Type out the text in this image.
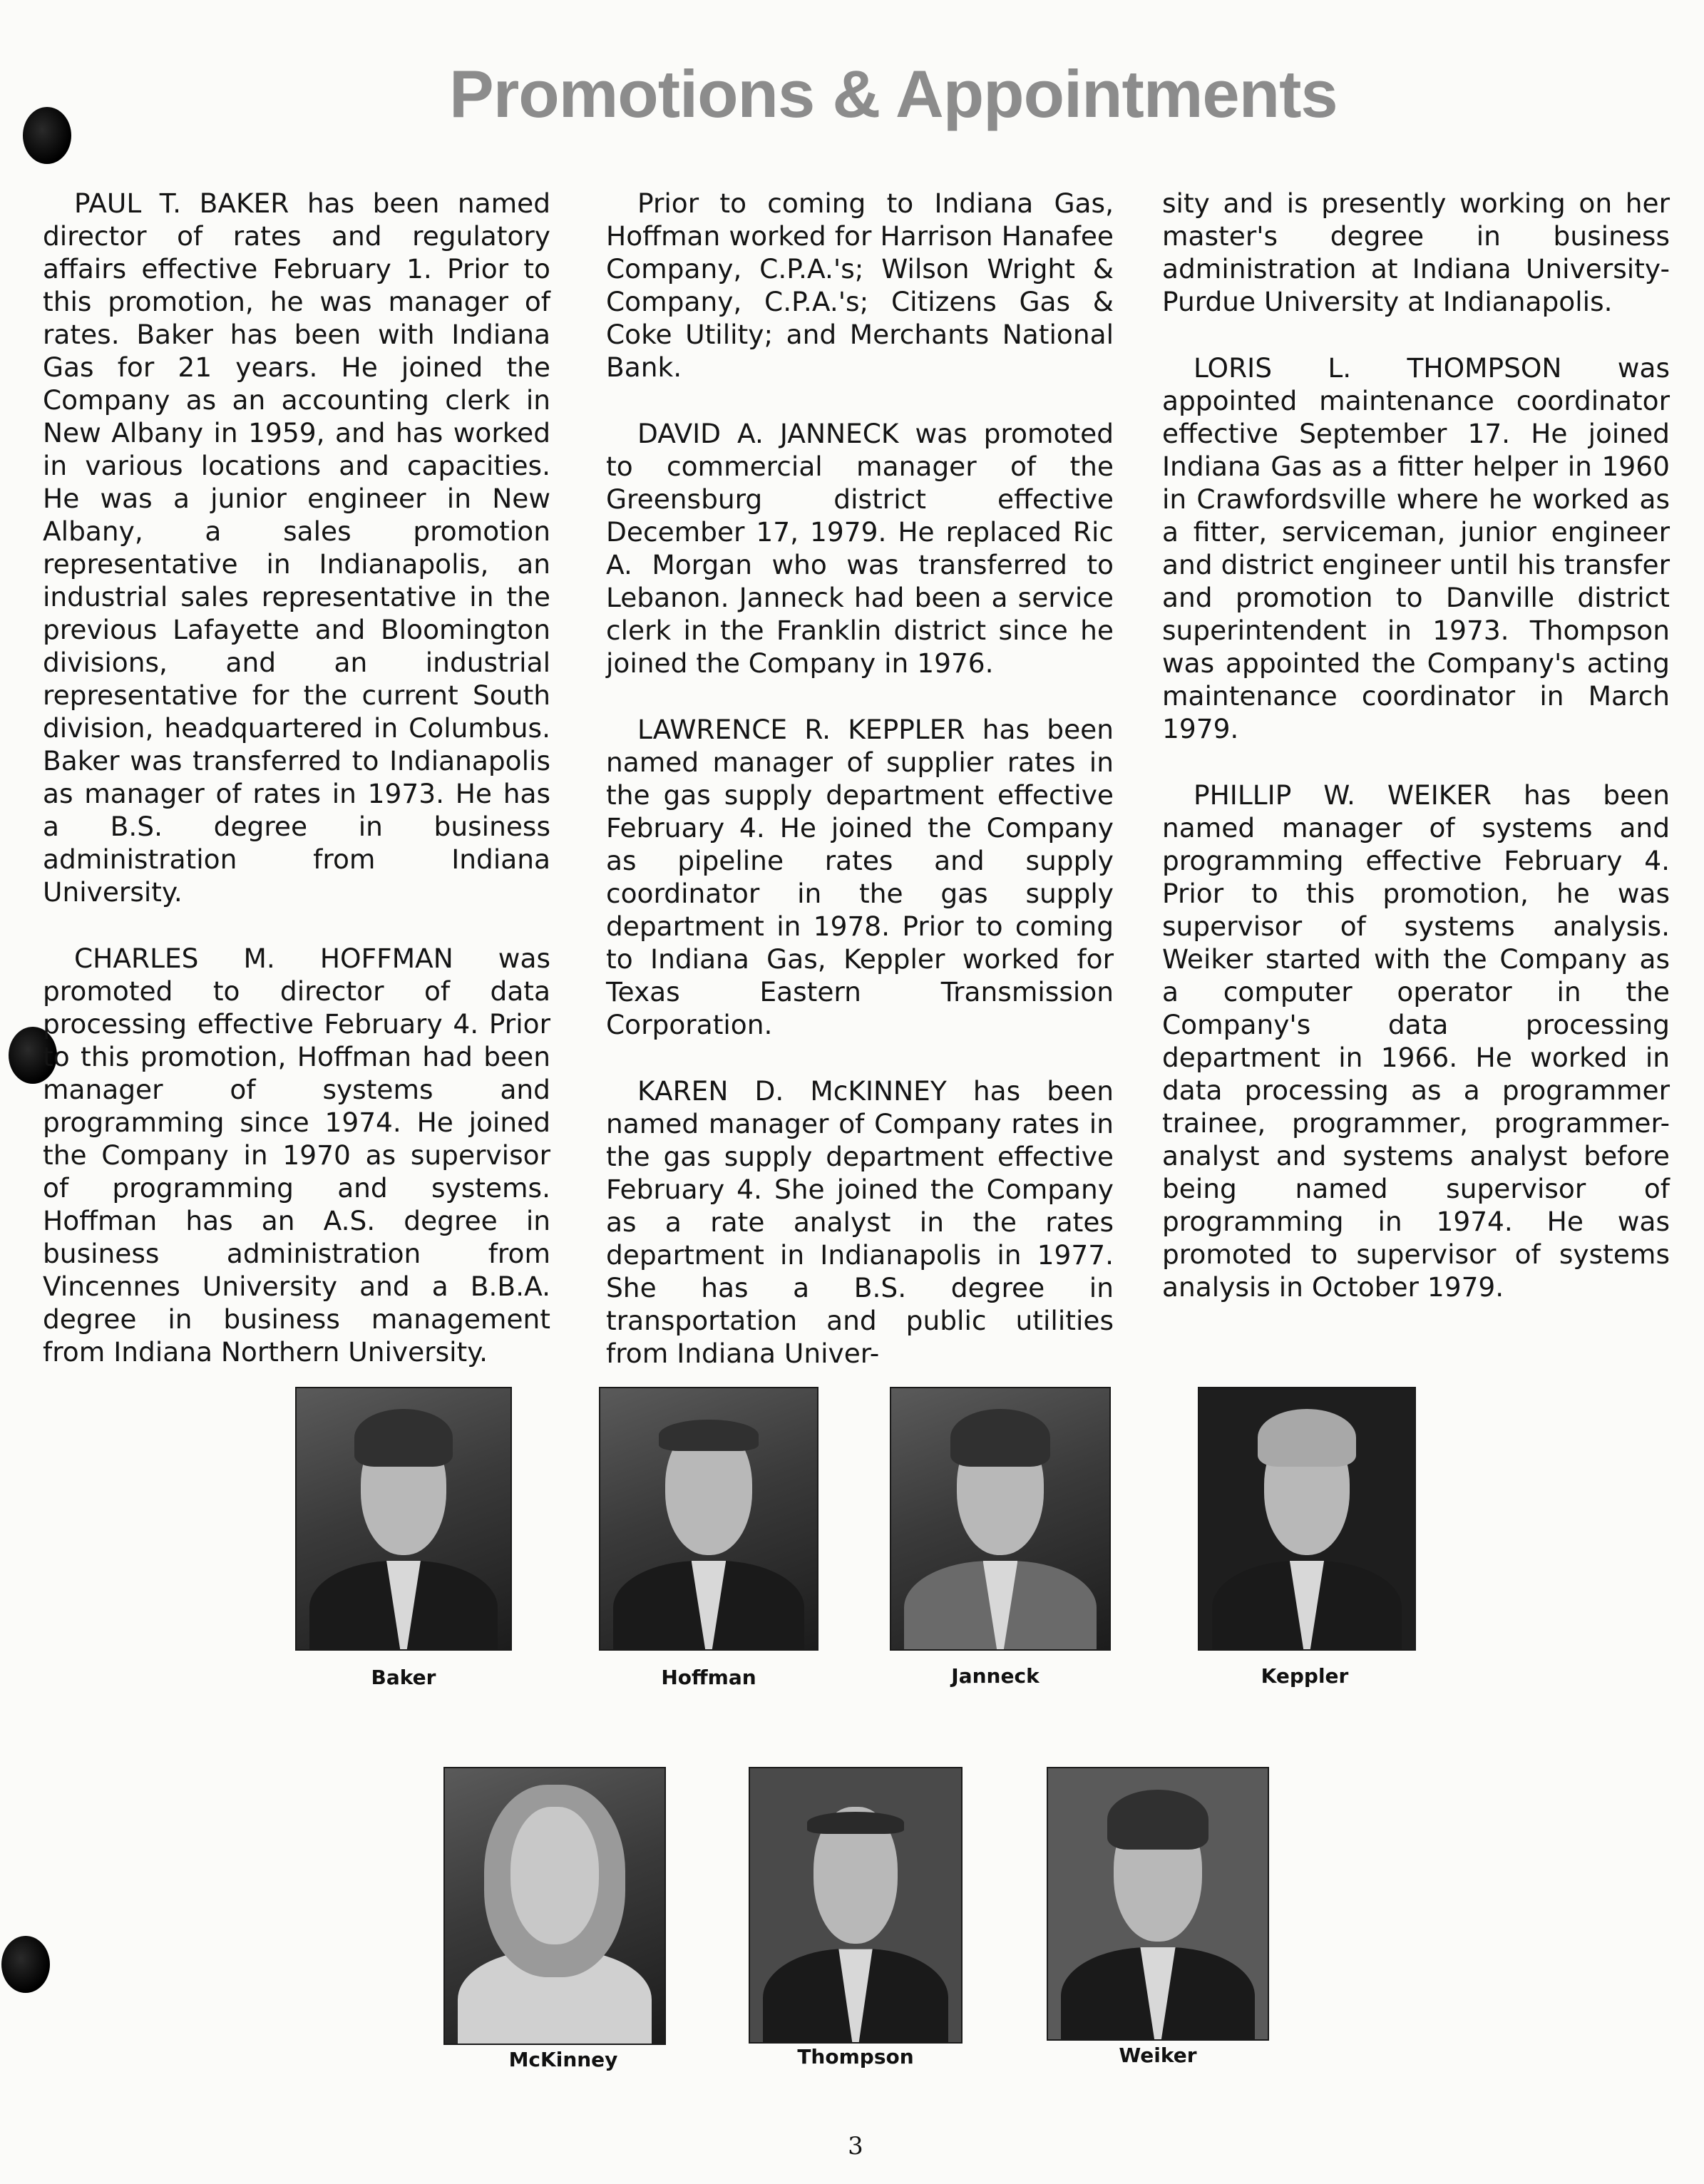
Promotions & Appointments

PAUL T. BAKER has been named director of rates and regulatory affairs effective February 1. Prior to this promotion, he was manager of rates. Baker has been with Indiana Gas for 21 years. He joined the Company as an accounting clerk in New Albany in 1959, and has worked in various locations and capacities. He was a junior engineer in New Albany, a sales promotion representative in Indianapolis, an industrial sales representative in the previous Lafayette and Bloomington divisions, and an industrial representative for the current South division, headquartered in Columbus. Baker was transferred to Indianapolis as manager of rates in 1973. He has a B.S. degree in business administration from Indiana University.

CHARLES M. HOFFMAN was promoted to director of data processing effective February 4. Prior to this promotion, Hoffman had been manager of systems and programming since 1974. He joined the Company in 1970 as supervisor of programming and systems. Hoffman has an A.S. degree in business administration from Vincennes University and a B.B.A. degree in business management from Indiana Northern University.

Prior to coming to Indiana Gas, Hoffman worked for Harrison Hanafee Company, C.P.A.'s; Wilson Wright & Company, C.P.A.'s; Citizens Gas & Coke Utility; and Merchants National Bank.

DAVID A. JANNECK was promoted to commercial manager of the Greensburg district effective December 17, 1979. He replaced Ric A. Morgan who was transferred to Lebanon. Janneck had been a service clerk in the Franklin district since he joined the Company in 1976.

LAWRENCE R. KEPPLER has been named manager of supplier rates in the gas supply department effective February 4. He joined the Company as pipeline rates and supply coordinator in the gas supply department in 1978. Prior to coming to Indiana Gas, Keppler worked for Texas Eastern Transmission Corporation.

KAREN D. McKINNEY has been named manager of Company rates in the gas supply department effective February 4. She joined the Company as a rate analyst in the rates department in Indianapolis in 1977. She has a B.S. degree in transportation and public utilities from Indiana Univer-

sity and is presently working on her master's degree in business administration at Indiana University-Purdue University at Indianapolis.

LORIS L. THOMPSON was appointed maintenance coordinator effective September 17. He joined Indiana Gas as a fitter helper in 1960 in Crawfordsville where he worked as a fitter, serviceman, junior engineer and district engineer until his transfer and promotion to Danville district superintendent in 1973. Thompson was appointed the Company's acting maintenance coordinator in March 1979.

PHILLIP W. WEIKER has been named manager of systems and programming effective February 4. Prior to this promotion, he was supervisor of systems analysis. Weiker started with the Company as a computer operator in the Company's data processing department in 1966. He worked in data processing as a programmer trainee, programmer, programmer-analyst and systems analyst before being named supervisor of programming in 1974. He was promoted to supervisor of systems analysis in October 1979.

Baker	Hoffman	Janneck	Keppler
McKinney	Thompson	Weiker
3
